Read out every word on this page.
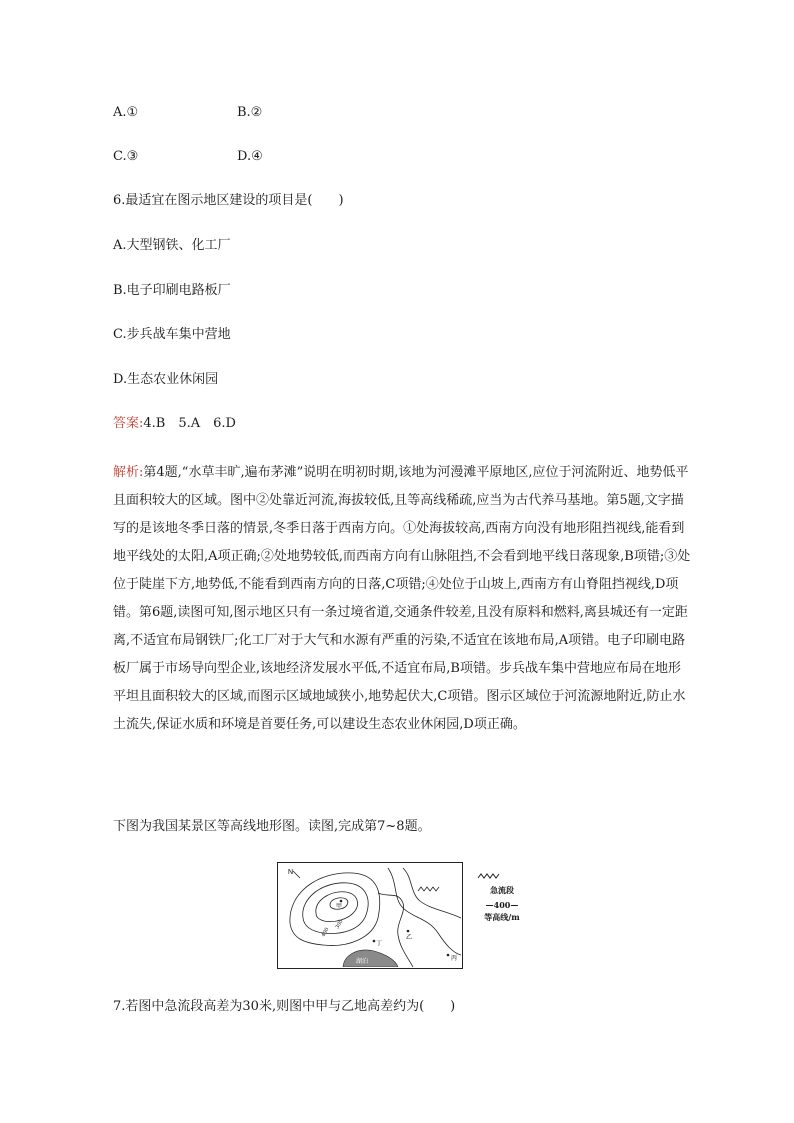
A.①	B.②
C.③	D.④
6.最适宜在图示地区建设的项目是(　　)
A.大型钢铁、化工厂
B.电子印刷电路板厂
C.步兵战车集中营地
D.生态农业休闲园
答案:4.B　5.A　6.D
解析:第4题,“水草丰旷,遍布茅滩”说明在明初时期,该地为河漫滩平原地区,应位于河流附近、地势低平且面积较大的区域。图中②处靠近河流,海拔较低,且等高线稀疏,应当为古代养马基地。第5题,文字描写的是该地冬季日落的情景,冬季日落于西南方向。①处海拔较高,西南方向没有地形阻挡视线,能看到地平线处的太阳,A项正确;②处地势较低,而西南方向有山脉阻挡,不会看到地平线日落现象,B项错;③处位于陡崖下方,地势低,不能看到西南方向的日落,C项错;④处位于山坡上,西南方有山脊阻挡视线,D项错。第6题,读图可知,图示地区只有一条过境省道,交通条件较差,且没有原料和燃料,离县城还有一定距离,不适宜布局钢铁厂;化工厂对于大气和水源有严重的污染,不适宜在该地布局,A项错。电子印刷电路板厂属于市场导向型企业,该地经济发展水平低,不适宜布局,B项错。步兵战车集中营地应布局在地形平坦且面积较大的区域,而图示区域地域狭小,地势起伏大,C项错。图示区域位于河流源地附近,防止水土流失,保证水质和环境是首要任务,可以建设生态农业休闲园,D项正确。
下图为我国某景区等高线地形图。读图,完成第7~8题。
N
甲
400
300
湖泊
乙
丁
丙
急流段
—400—
等高线/m
7.若图中急流段高差为30米,则图中甲与乙地高差约为(　　)
